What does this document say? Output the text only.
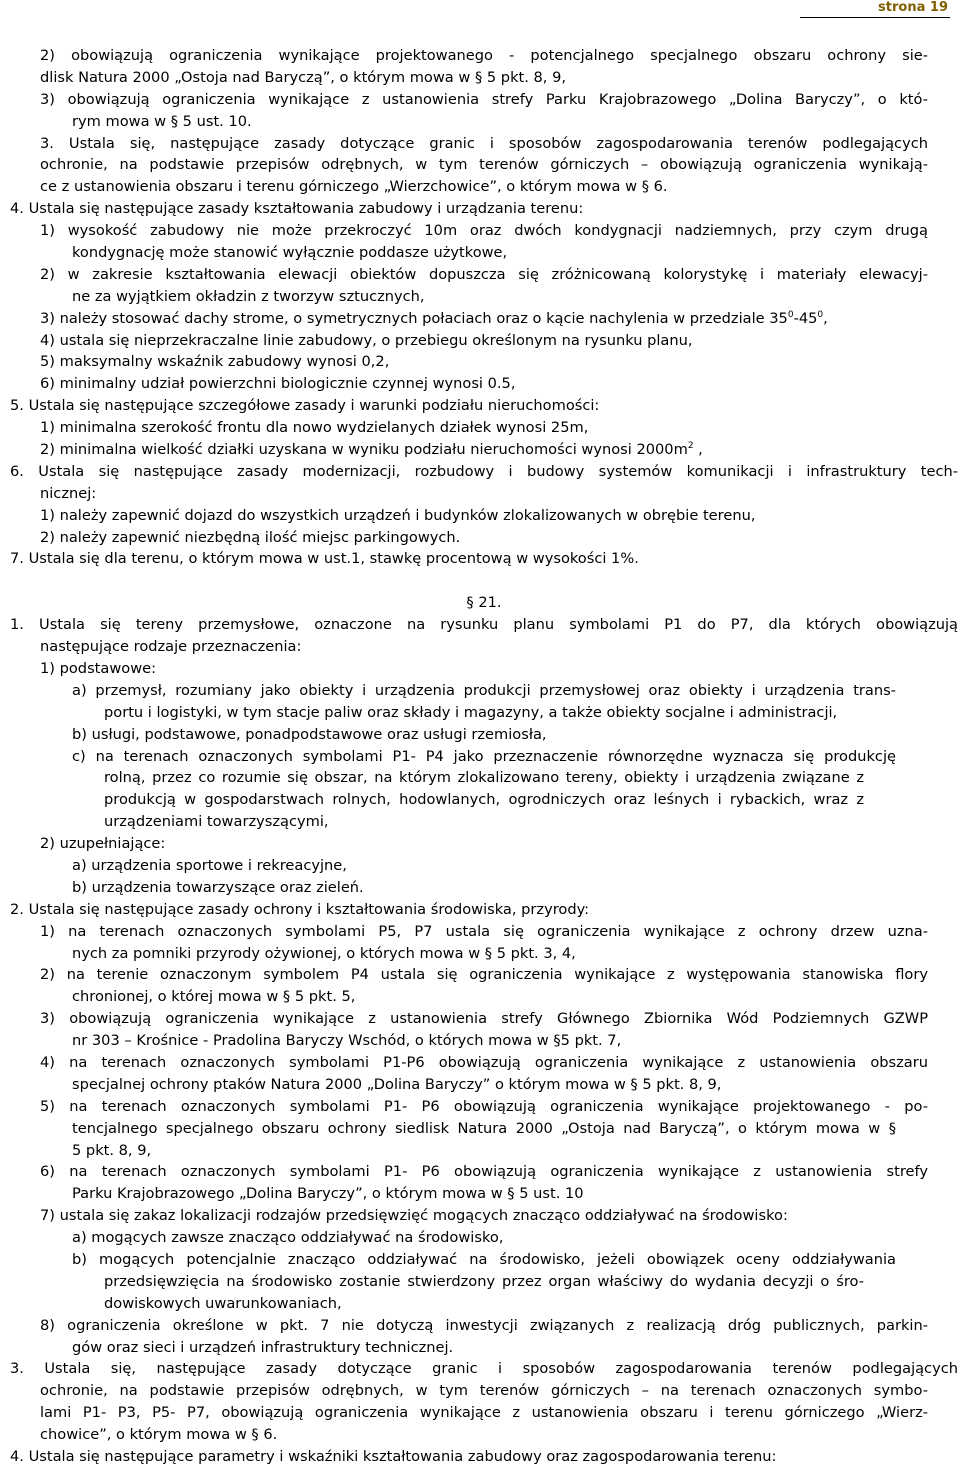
strona 19
2) obowiązują ograniczenia wynikające projektowanego - potencjalnego specjalnego obszaru ochrony sie-
dlisk Natura 2000 „Ostoja nad Baryczą”, o którym mowa w § 5 pkt. 8, 9,
3) obowiązują ograniczenia wynikające z ustanowienia strefy Parku Krajobrazowego „Dolina Baryczy”, o któ-
rym mowa w § 5 ust. 10.
3. Ustala się, następujące zasady dotyczące granic i sposobów zagospodarowania terenów podlegających
ochronie, na podstawie przepisów odrębnych, w tym terenów górniczych – obowiązują ograniczenia wynikają-
ce z ustanowienia obszaru i terenu górniczego „Wierzchowice”, o którym mowa w § 6.
4. Ustala się następujące zasady kształtowania zabudowy i urządzania terenu:
1) wysokość zabudowy nie może przekroczyć 10m oraz dwóch kondygnacji nadziemnych, przy czym drugą
kondygnację może stanowić wyłącznie poddasze użytkowe,
2) w zakresie kształtowania elewacji obiektów dopuszcza się zróżnicowaną kolorystykę i materiały elewacyj-
ne za wyjątkiem okładzin z tworzyw sztucznych,
3) należy stosować dachy strome, o symetrycznych połaciach oraz o kącie nachylenia w przedziale $35^0-45^0$,
4) ustala się nieprzekraczalne linie zabudowy, o przebiegu określonym na rysunku planu,
5) maksymalny wskaźnik zabudowy wynosi 0,2,
6) minimalny udział powierzchni biologicznie czynnej wynosi 0.5,
5. Ustala się następujące szczegółowe zasady i warunki podziału nieruchomości:
1) minimalna szerokość frontu dla nowo wydzielanych działek wynosi 25m,
2) minimalna wielkość działki uzyskana w wyniku podziału nieruchomości wynosi $2000m^2$ ,
6. Ustala się następujące zasady modernizacji, rozbudowy i budowy systemów komunikacji i infrastruktury tech-
nicznej:
1) należy zapewnić dojazd do wszystkich urządzeń i budynków zlokalizowanych w obrębie terenu,
2) należy zapewnić niezbędną ilość miejsc parkingowych.
7. Ustala się dla terenu, o którym mowa w ust.1, stawkę procentową w wysokości 1%.
§ 21.
1. Ustala się tereny przemysłowe, oznaczone na rysunku planu symbolami P1 do P7, dla których obowiązują
następujące rodzaje przeznaczenia:
1) podstawowe:
a) przemysł, rozumiany jako obiekty i urządzenia produkcji przemysłowej oraz obiekty i urządzenia trans-
portu i logistyki, w tym stacje paliw oraz składy i magazyny, a także obiekty socjalne i administracji,
b) usługi, podstawowe, ponadpodstawowe oraz usługi rzemiosła,
c) na terenach oznaczonych symbolami P1- P4 jako przeznaczenie równorzędne wyznacza się produkcję
rolną, przez co rozumie się obszar, na którym zlokalizowano tereny, obiekty i urządzenia związane z
produkcją w gospodarstwach rolnych, hodowlanych, ogrodniczych oraz leśnych i rybackich, wraz z
urządzeniami towarzyszącymi,
2) uzupełniające:
a) urządzenia sportowe i rekreacyjne,
b) urządzenia towarzyszące oraz zieleń.
2. Ustala się następujące zasady ochrony i kształtowania środowiska, przyrody:
1) na terenach oznaczonych symbolami P5, P7 ustala się ograniczenia wynikające z ochrony drzew uzna-
nych za pomniki przyrody ożywionej, o których mowa w § 5 pkt. 3, 4,
2) na terenie oznaczonym symbolem P4 ustala się ograniczenia wynikające z występowania stanowiska flory
chronionej, o której mowa w § 5 pkt. 5,
3) obowiązują ograniczenia wynikające z ustanowienia strefy Głównego Zbiornika Wód Podziemnych GZWP
nr 303 – Krośnice - Pradolina Baryczy Wschód, o których mowa w §5 pkt. 7,
4) na terenach oznaczonych symbolami P1-P6 obowiązują ograniczenia wynikające z ustanowienia obszaru
specjalnej ochrony ptaków Natura 2000 „Dolina Baryczy” o którym mowa w § 5 pkt. 8, 9,
5) na terenach oznaczonych symbolami P1- P6 obowiązują ograniczenia wynikające projektowanego - po-
tencjalnego specjalnego obszaru ochrony siedlisk Natura 2000 „Ostoja nad Baryczą”, o którym mowa w §
5 pkt. 8, 9,
6) na terenach oznaczonych symbolami P1- P6 obowiązują ograniczenia wynikające z ustanowienia strefy
Parku Krajobrazowego „Dolina Baryczy”, o którym mowa w § 5 ust. 10
7) ustala się zakaz lokalizacji rodzajów przedsięwzięć mogących znacząco oddziaływać na środowisko:
a) mogących zawsze znacząco oddziaływać na środowisko,
b) mogących potencjalnie znacząco oddziaływać na środowisko, jeżeli obowiązek oceny oddziaływania
przedsięwzięcia na środowisko zostanie stwierdzony przez organ właściwy do wydania decyzji o śro-
dowiskowych uwarunkowaniach,
8) ograniczenia określone w pkt. 7 nie dotyczą inwestycji związanych z realizacją dróg publicznych, parkin-
gów oraz sieci i urządzeń infrastruktury technicznej.
3. Ustala się, następujące zasady dotyczące granic i sposobów zagospodarowania terenów podlegających
ochronie, na podstawie przepisów odrębnych, w tym terenów górniczych – na terenach oznaczonych symbo-
lami P1- P3, P5- P7, obowiązują ograniczenia wynikające z ustanowienia obszaru i terenu górniczego „Wierz-
chowice”, o którym mowa w § 6.
4. Ustala się następujące parametry i wskaźniki kształtowania zabudowy oraz zagospodarowania terenu:
